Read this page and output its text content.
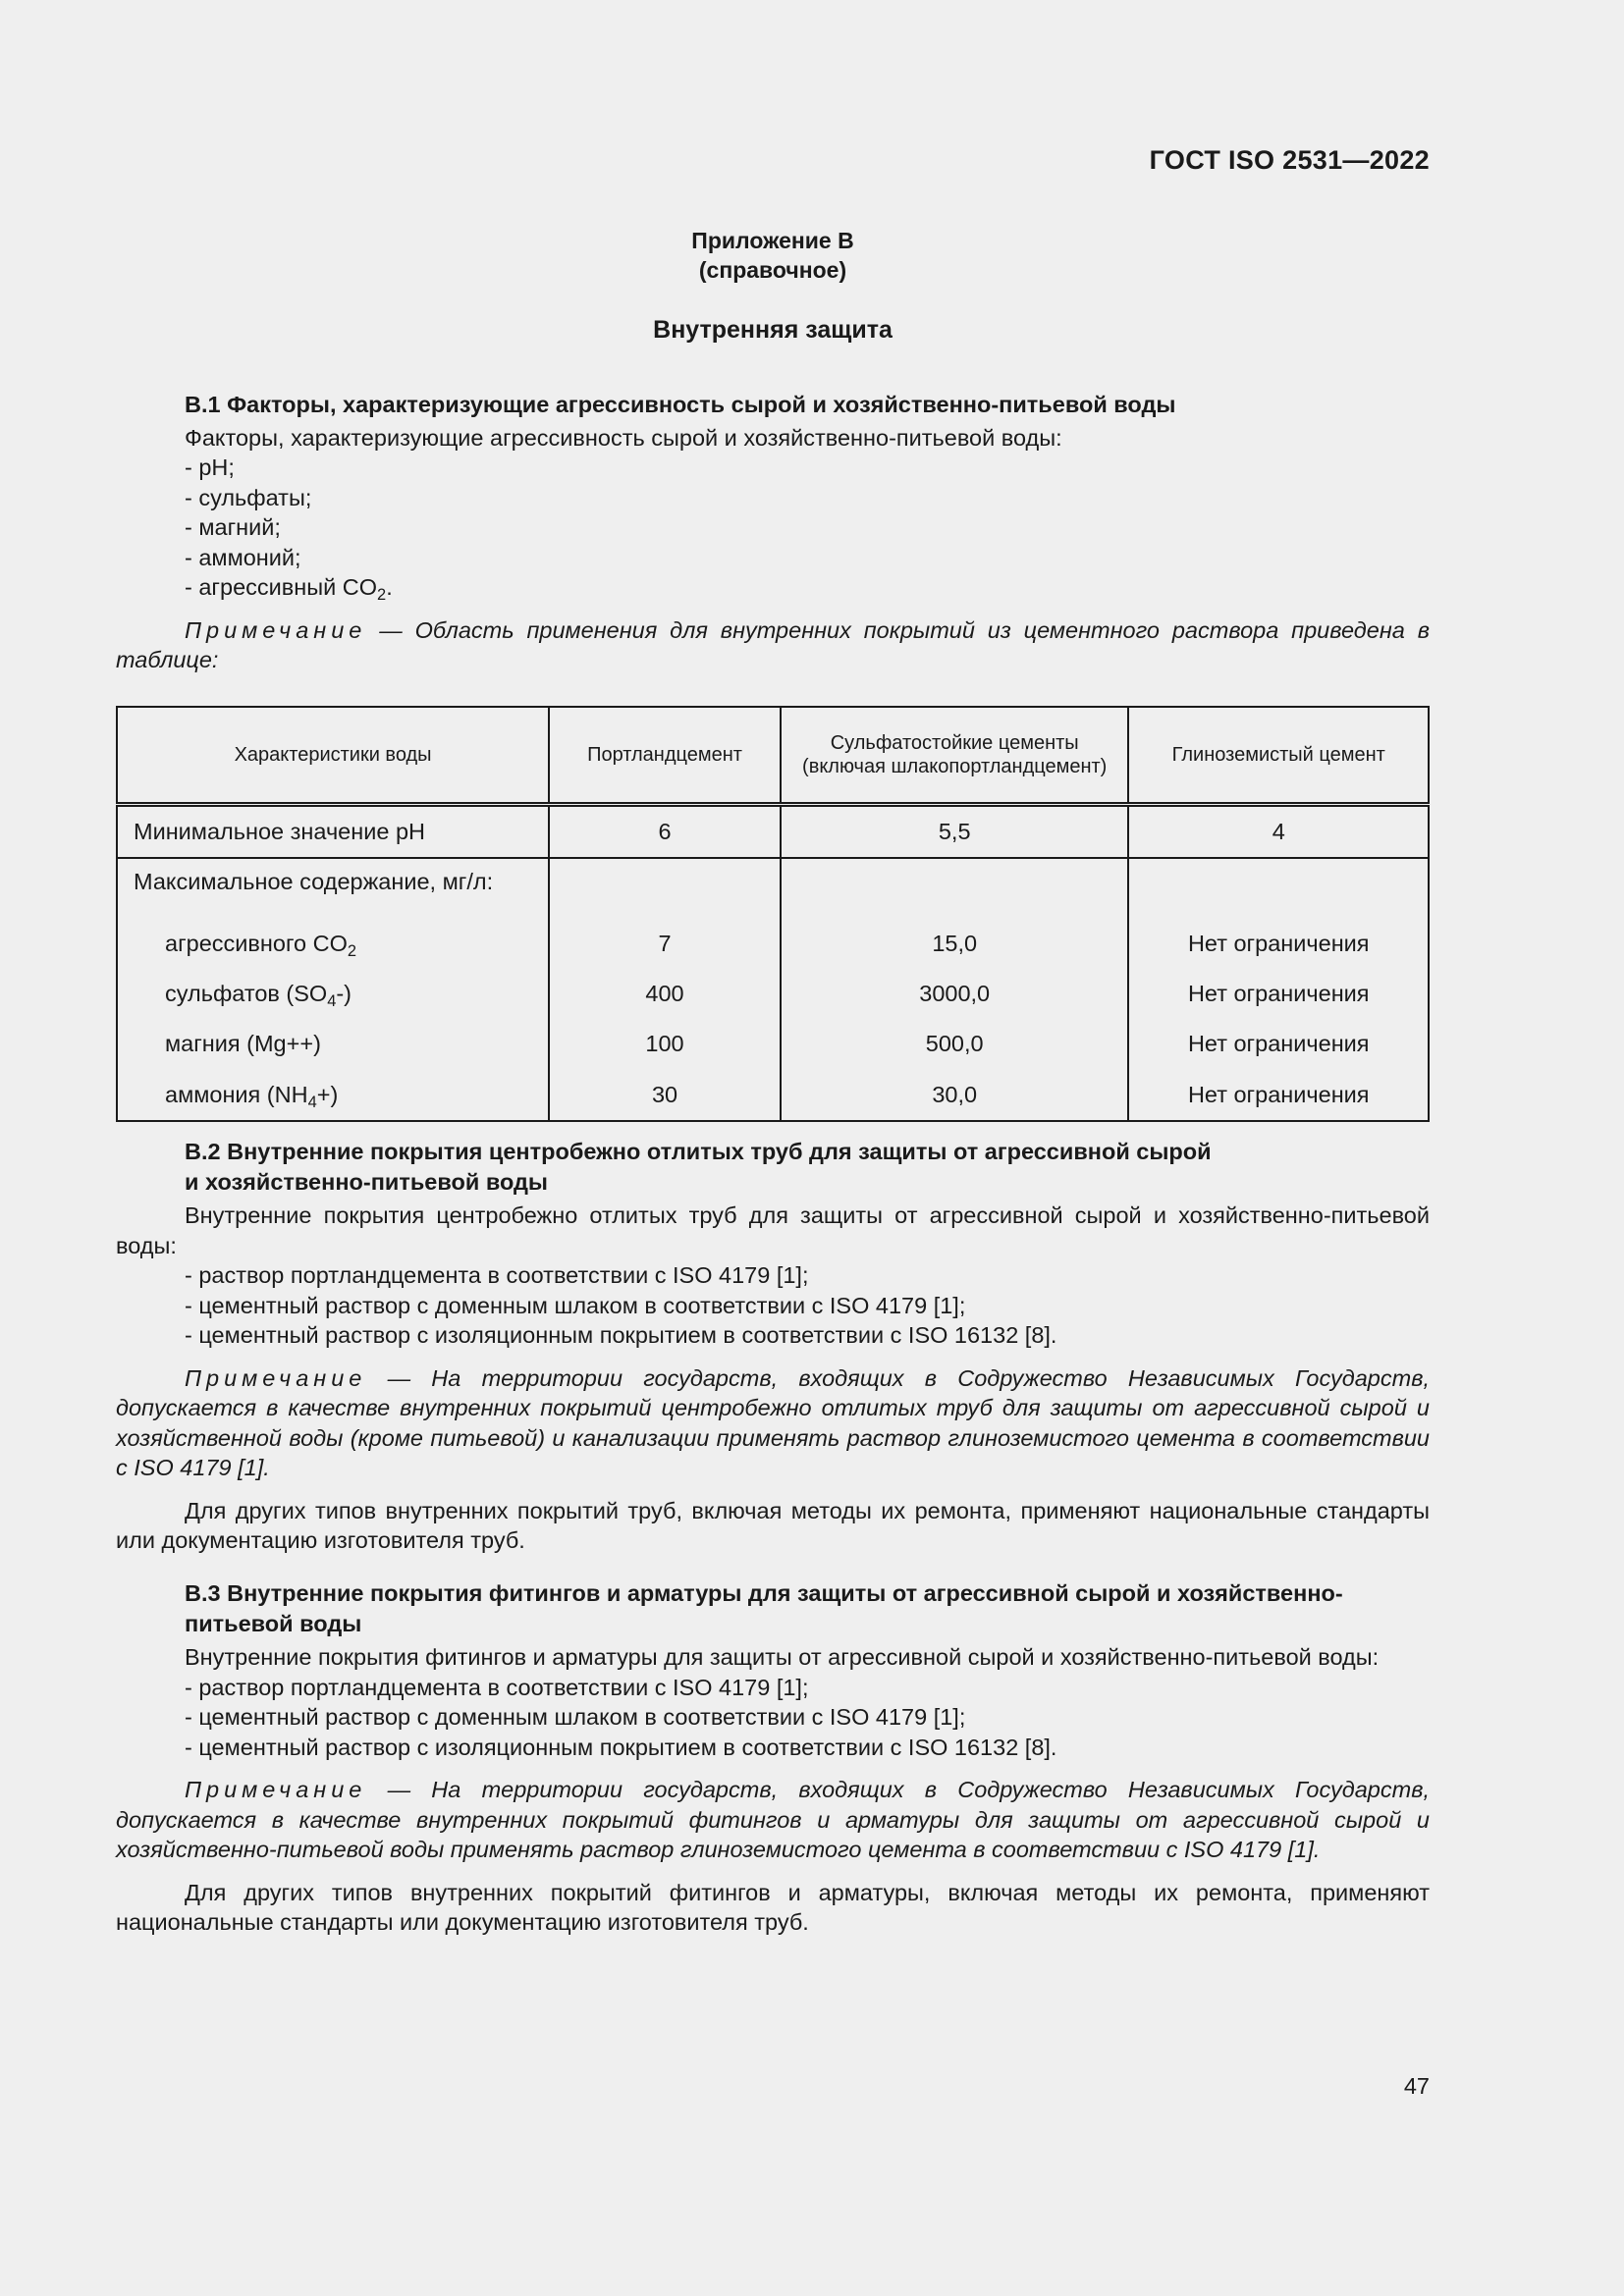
ГОСТ ISO 2531—2022
Приложение В
(справочное)
Внутренняя защита

В.1 Факторы, характеризующие агрессивность сырой и хозяйственно-питьевой воды

Факторы, характеризующие агрессивность сырой и хозяйственно-питьевой воды:

- pH;

- сульфаты;

- магний;

- аммоний;

- агрессивный $CO_2$.

Примечание — Область применения для внутренних покрытий из цементного раствора приведена в таблице:

Характеристики воды	Портландцемент	Сульфатостойкие цементы (включая шлакопортландцемент)	Глиноземистый цемент
Минимальное значение pH	6	5,5	4
Максимальное содержание, мг/л:			
агрессивного $CO_2$	7	15,0	Нет ограничения
сульфатов $(SO_4-)$	400	3000,0	Нет ограничения
магния (Mg++)	100	500,0	Нет ограничения
аммония $(NH_4+)$	30	30,0	Нет ограничения

В.2 Внутренние покрытия центробежно отлитых труб для защиты от агрессивной сырой

и хозяйственно-питьевой воды

Внутренние покрытия центробежно отлитых труб для защиты от агрессивной сырой и хозяйственно-питьевой воды:

- раствор портландцемента в соответствии с ISO 4179 [1];

- цементный раствор с доменным шлаком в соответствии с ISO 4179 [1];

- цементный раствор с изоляционным покрытием в соответствии с ISO 16132 [8].

Примечание — На территории государств, входящих в Содружество Независимых Государств, допускается в качестве внутренних покрытий центробежно отлитых труб для защиты от агрессивной сырой и хозяйственной воды (кроме питьевой) и канализации применять раствор глиноземистого цемента в соответствии с ISO 4179 [1].

Для других типов внутренних покрытий труб, включая методы их ремонта, применяют национальные стандарты или документацию изготовителя труб.

В.3 Внутренние покрытия фитингов и арматуры для защиты от агрессивной сырой и хозяйственно-

питьевой воды

Внутренние покрытия фитингов и арматуры для защиты от агрессивной сырой и хозяйственно-питьевой воды:

- раствор портландцемента в соответствии с ISO 4179 [1];

- цементный раствор с доменным шлаком в соответствии с ISO 4179 [1];

- цементный раствор с изоляционным покрытием в соответствии с ISO 16132 [8].

Примечание — На территории государств, входящих в Содружество Независимых Государств, допускается в качестве внутренних покрытий фитингов и арматуры для защиты от агрессивной сырой и хозяйственно-питьевой воды применять раствор глиноземистого цемента в соответствии с ISO 4179 [1].

Для других типов внутренних покрытий фитингов и арматуры, включая методы их ремонта, применяют национальные стандарты или документацию изготовителя труб.

47
